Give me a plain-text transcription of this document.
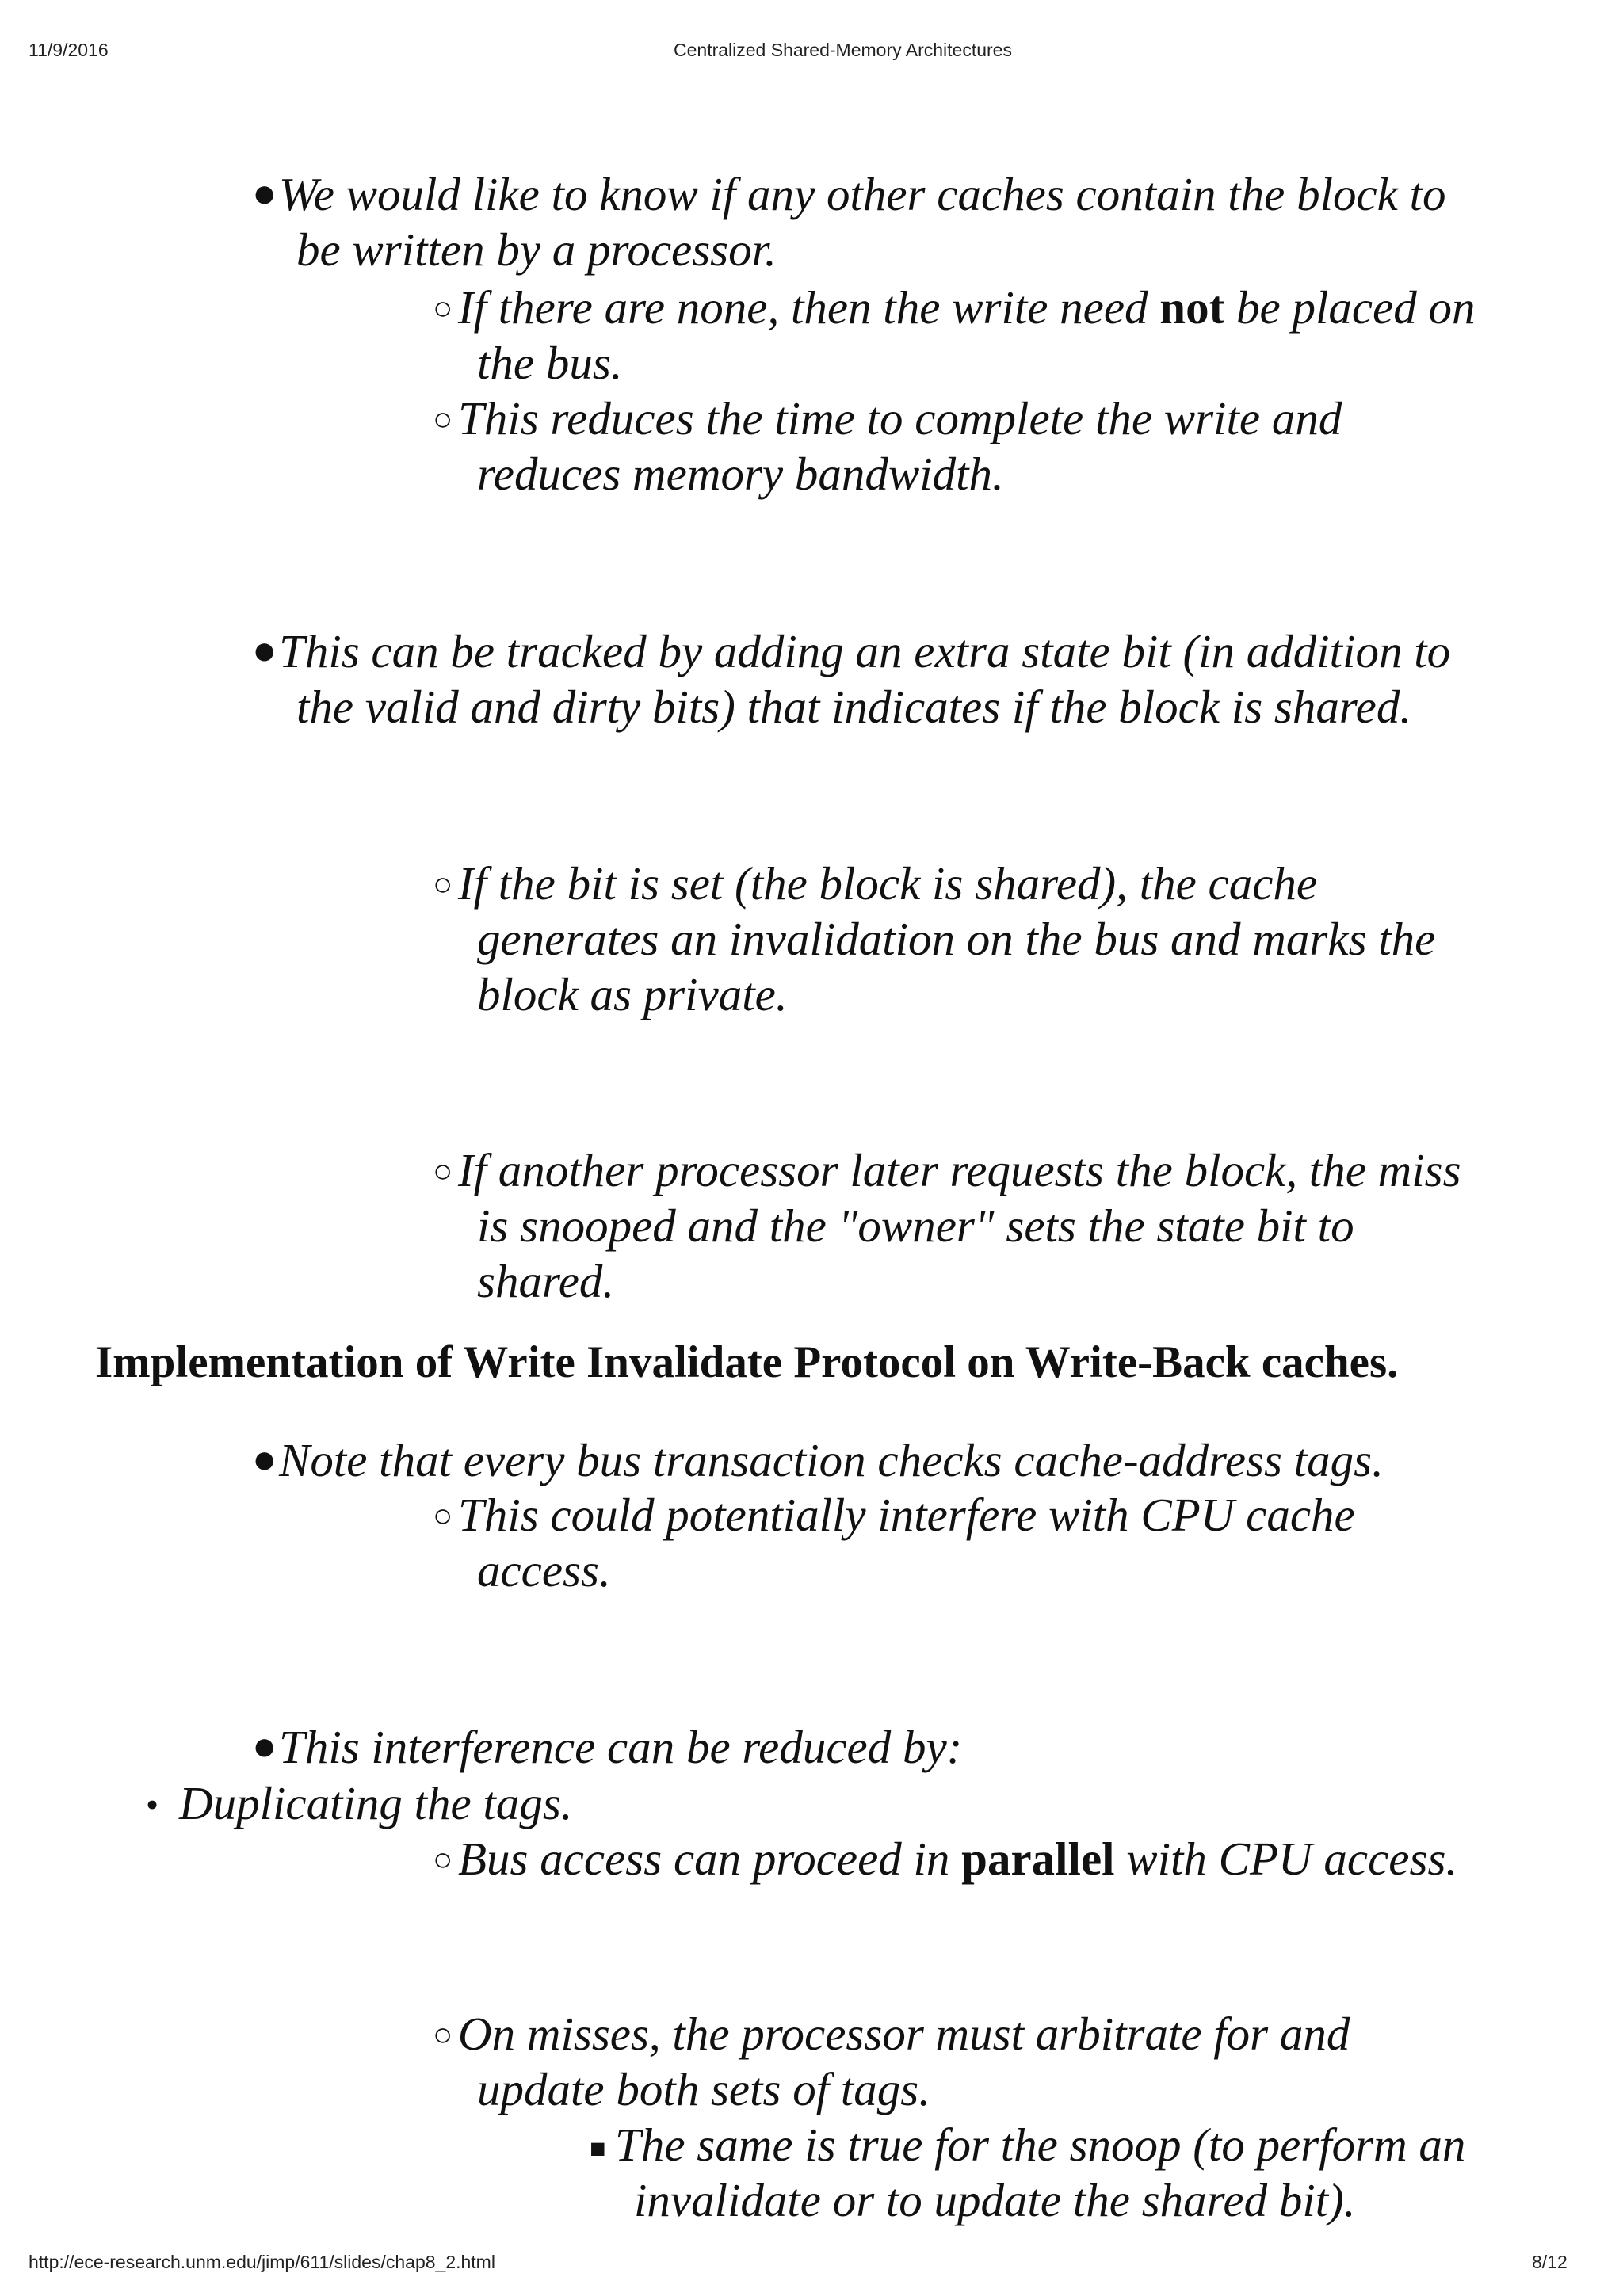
11/9/2016	Centralized Shared-Memory Architectures
● We would like to know if any other caches contain the block to
be written by a processor.
○ If there are none, then the write need not be placed on
the bus.
○ This reduces the time to complete the write and
reduces memory bandwidth.
● This can be tracked by adding an extra state bit (in addition to
the valid and dirty bits) that indicates if the block is shared.
○ If the bit is set (the block is shared), the cache
generates an invalidation on the bus and marks the
block as private.
○ If another processor later requests the block, the miss
is snooped and the "owner" sets the state bit to
shared.
Implementation of Write Invalidate Protocol on Write-Back caches.
● Note that every bus transaction checks cache-address tags.
○ This could potentially interfere with CPU cache
access.
● This interference can be reduced by:
• Duplicating the tags.
○ Bus access can proceed in parallel with CPU access.
○ On misses, the processor must arbitrate for and
update both sets of tags.
■ The same is true for the snoop (to perform an
invalidate or to update the shared bit).
http://ece-research.unm.edu/jimp/611/slides/chap8_2.html	8/12
